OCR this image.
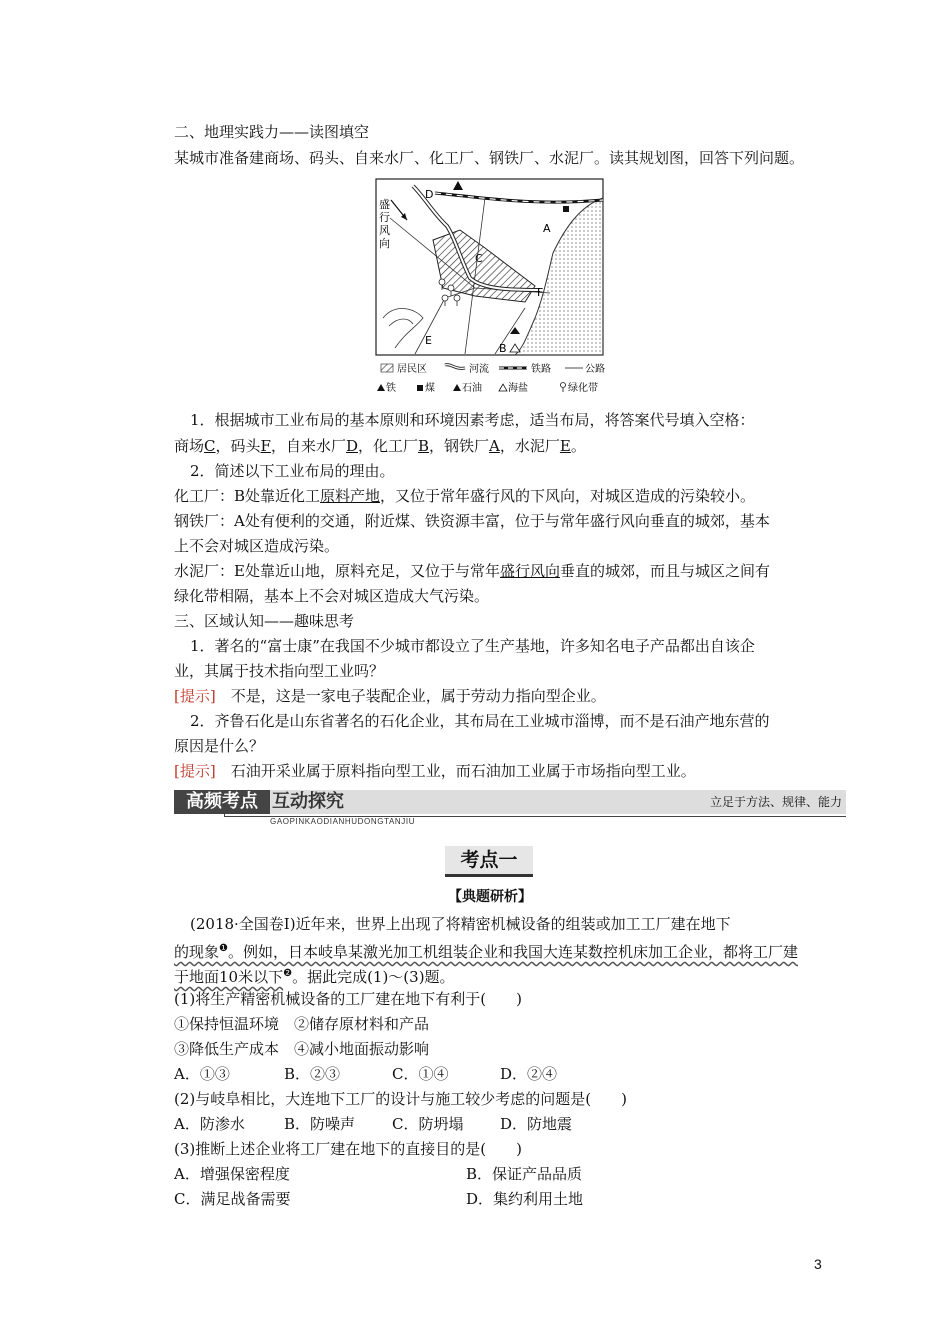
二、地理实践力——读图填空
某城市准备建商场、码头、自来水厂、化工厂、钢铁厂、水泥厂。读其规划图，回答下列问题。
D
A
C
F
E
B
盛
行
风
向
居民区	河流	铁路	公路
铁	煤	石油	海盐	绿化带
1．根据城市工业布局的基本原则和环境因素考虑，适当布局，将答案代号填入空格：
商场C，码头F，自来水厂D，化工厂B，钢铁厂A，水泥厂E。
2．简述以下工业布局的理由。
化工厂：B处靠近化工原料产地，又位于常年盛行风的下风向，对城区造成的污染较小。
钢铁厂：A处有便利的交通，附近煤、铁资源丰富，位于与常年盛行风向垂直的城郊，基本
上不会对城区造成污染。
水泥厂：E处靠近山地，原料充足，又位于与常年盛行风向垂直的城郊，而且与城区之间有
绿化带相隔，基本上不会对城区造成大气污染。
三、区域认知——趣味思考
1．著名的“富士康”在我国不少城市都设立了生产基地，许多知名电子产品都出自该企
业，其属于技术指向型工业吗？
[提示]　 不是，这是一家电子装配企业，属于劳动力指向型企业。
2．齐鲁石化是山东省著名的石化企业，其布局在工业城市淄博，而不是石油产地东营的
原因是什么？
[提示]　 石油开采业属于原料指向型工业，而石油加工业属于市场指向型工业。
高频考点 互动探究	立足于方法、规律、能力
GAOPINKAODIANHUDONGTANJIU
考点一
【典题研析】
(2018·全国卷Ⅰ)近年来，世界上出现了将精密机械设备的组装或加工工厂建在地下
的现象$^❶$。例如，日本岐阜某激光加工机组装企业和我国大连某数控机床加工企业，都将工厂建
于地面10米以下$^❷$。据此完成(1)～(3)题。
(1)将生产精密机械设备的工厂建在地下有利于(　　)
①保持恒温环境　②储存原材料和产品
③降低生产成本　④减小地面振动影响
A．①③	B．②③	C．①④	D．②④
(2)与岐阜相比，大连地下工厂的设计与施工较少考虑的问题是(　　)
A．防渗水	B．防噪声 C．防坍塌 D．防地震
(3)推断上述企业将工厂建在地下的直接目的是(　　)
A．增强保密程度	B．保证产品品质
C．满足战备需要	D．集约利用土地
3
